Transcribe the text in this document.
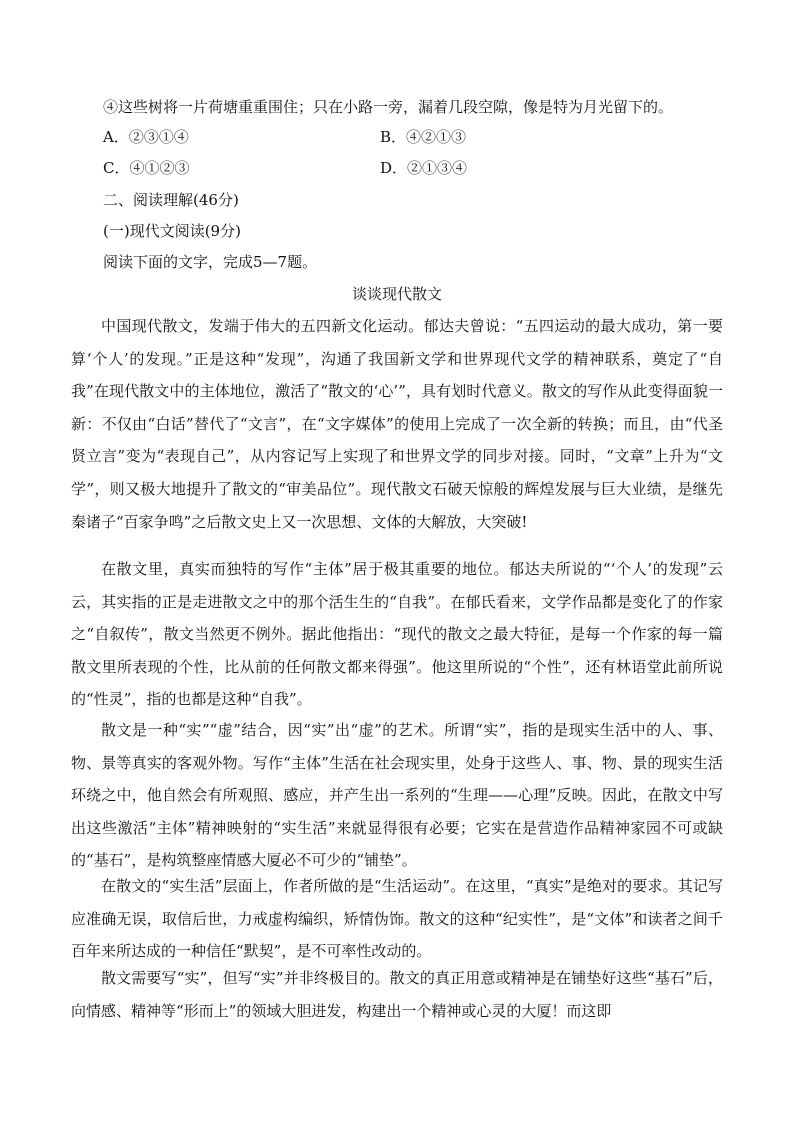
④这些树将一片荷塘重重围住；只在小路一旁，漏着几段空隙，像是特为月光留下的。
A．②③①④	B．④②①③
C．④①②③	D．②①③④
二、阅读理解(46分)
(一)现代文阅读(9分)
阅读下面的文字，完成5—7题。
谈谈现代散文

中国现代散文，发端于伟大的五四新文化运动。郁达夫曾说：“五四运动的最大成功，第一要算‘个人’的发现。”正是这种“发现”，沟通了我国新文学和世界现代文学的精神联系，奠定了“自我”在现代散文中的主体地位，激活了“散文的‘心’”，具有划时代意义。散文的写作从此变得面貌一新：不仅由“白话”替代了“文言”，在“文字媒体”的使用上完成了一次全新的转换；而且，由“代圣贤立言”变为“表现自己”，从内容记写上实现了和世界文学的同步对接。同时，“文章”上升为“文学”，则又极大地提升了散文的“审美品位”。现代散文石破天惊般的辉煌发展与巨大业绩，是继先秦诸子“百家争鸣”之后散文史上又一次思想、文体的大解放，大突破!

在散文里，真实而独特的写作“主体”居于极其重要的地位。郁达夫所说的“‘个人’的发现”云云，其实指的正是走进散文之中的那个活生生的“自我”。在郁氏看来，文学作品都是变化了的作家之“自叙传”，散文当然更不例外。据此他指出：“现代的散文之最大特征，是每一个作家的每一篇散文里所表现的个性，比从前的任何散文都来得强”。他这里所说的“个性”，还有林语堂此前所说的“性灵”，指的也都是这种“自我”。

散文是一种“实”“虚”结合，因“实”出“虚”的艺术。所谓“实”，指的是现实生活中的人、事、物、景等真实的客观外物。写作“主体”生活在社会现实里，处身于这些人、事、物、景的现实生活环绕之中，他自然会有所观照、感应，并产生出一系列的“生理——心理”反映。因此，在散文中写出这些激活“主体”精神映射的“实生活”来就显得很有必要；它实在是营造作品精神家园不可或缺的“基石”，是构筑整座情感大厦必不可少的“铺垫”。

在散文的“实生活”层面上，作者所做的是“生活运动”。在这里，“真实”是绝对的要求。其记写应准确无误，取信后世，力戒虚构编织，矫情伪饰。散文的这种“纪实性”，是“文体”和读者之间千百年来所达成的一种信任“默契”，是不可率性改动的。

散文需要写“实”，但写“实”并非终极目的。散文的真正用意或精神是在铺垫好这些“基石”后，向情感、精神等“形而上”的领域大胆进发，构建出一个精神或心灵的大厦！而这即
